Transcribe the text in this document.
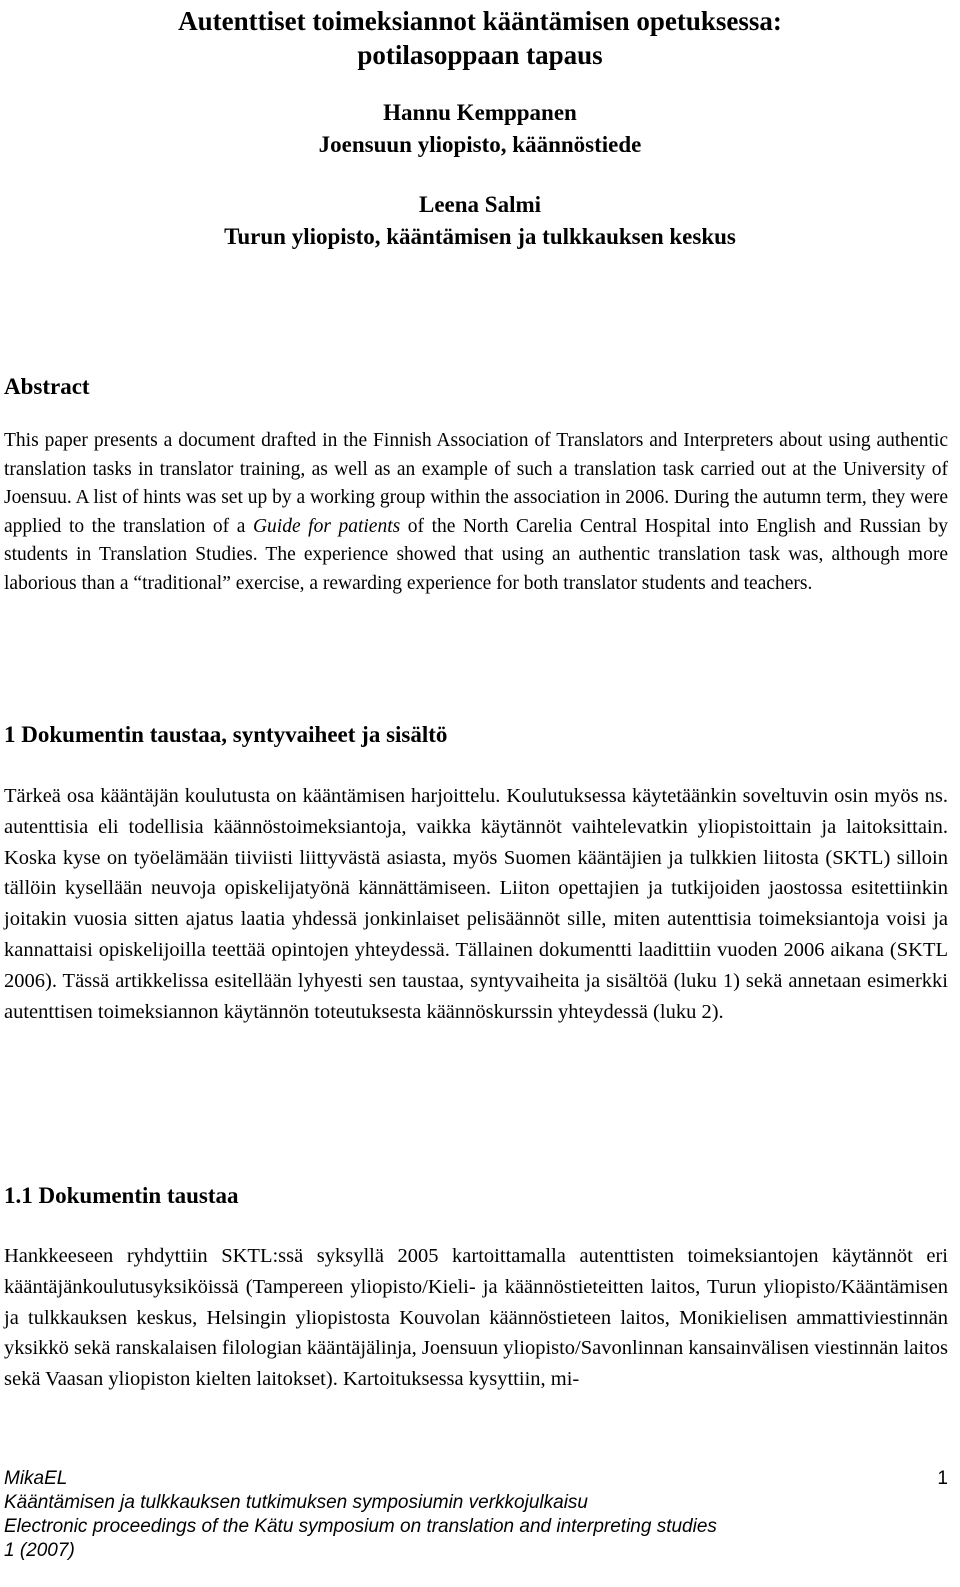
Autenttiset toimeksiannot kääntämisen opetuksessa:
potilasoppaan tapaus
Hannu Kemppanen
Joensuun yliopisto, käännöstiede
Leena Salmi
Turun yliopisto, kääntämisen ja tulkkauksen keskus
Abstract
This paper presents a document drafted in the Finnish Association of Translators and Interpreters about using authentic translation tasks in translator training, as well as an example of such a translation task carried out at the University of Joensuu. A list of hints was set up by a working group within the association in 2006. During the autumn term, they were applied to the translation of a Guide for patients of the North Carelia Central Hospital into English and Russian by students in Translation Studies. The experience showed that using an authentic translation task was, although more laborious than a “traditional” exercise, a rewarding experience for both translator students and teachers.
1 Dokumentin taustaa, syntyvaiheet ja sisältö
Tärkeä osa kääntäjän koulutusta on kääntämisen harjoittelu. Koulutuksessa käytetäänkin soveltuvin osin myös ns. autenttisia eli todellisia käännöstoimeksiantoja, vaikka käytännöt vaihtelevatkin yliopistoittain ja laitoksittain. Koska kyse on työelämään tiiviisti liittyvästä asiasta, myös Suomen kääntäjien ja tulkkien liitosta (SKTL) silloin tällöin kysellään neuvoja opiskelijatyönä kännättämiseen. Liiton opettajien ja tutkijoiden jaostossa esitettiinkin joitakin vuosia sitten ajatus laatia yhdessä jonkinlaiset pelisäännöt sille, miten autenttisia toimeksiantoja voisi ja kannattaisi opiskelijoilla teettää opintojen yhteydessä. Tällainen dokumentti laadittiin vuoden 2006 aikana (SKTL 2006). Tässä artikkelissa esitellään lyhyesti sen taustaa, syntyvaiheita ja sisältöä (luku 1) sekä annetaan esimerkki autenttisen toimeksiannon käytännön toteutuksesta käännöskurssin yhteydessä (luku 2).
1.1 Dokumentin taustaa
Hankkeeseen ryhdyttiin SKTL:ssä syksyllä 2005 kartoittamalla autenttisten toimeksiantojen käytännöt eri kääntäjänkoulutusyksiköissä (Tampereen yliopisto/Kieli- ja käännöstieteitten laitos, Turun yliopisto/Kääntämisen ja tulkkauksen keskus, Helsingin yliopistosta Kouvolan käännöstieteen laitos, Monikielisen ammattiviestinnän yksikkö sekä ranskalaisen filologian kääntäjälinja, Joensuun yliopisto/Savonlinnan kansainvälisen viestinnän laitos sekä Vaasan yliopiston kielten laitokset). Kartoituksessa kysyttiin, mi-
MikaEL	1
Kääntämisen ja tulkkauksen tutkimuksen symposiumin verkkojulkaisu
Electronic proceedings of the Kätu symposium on translation and interpreting studies
1 (2007)
